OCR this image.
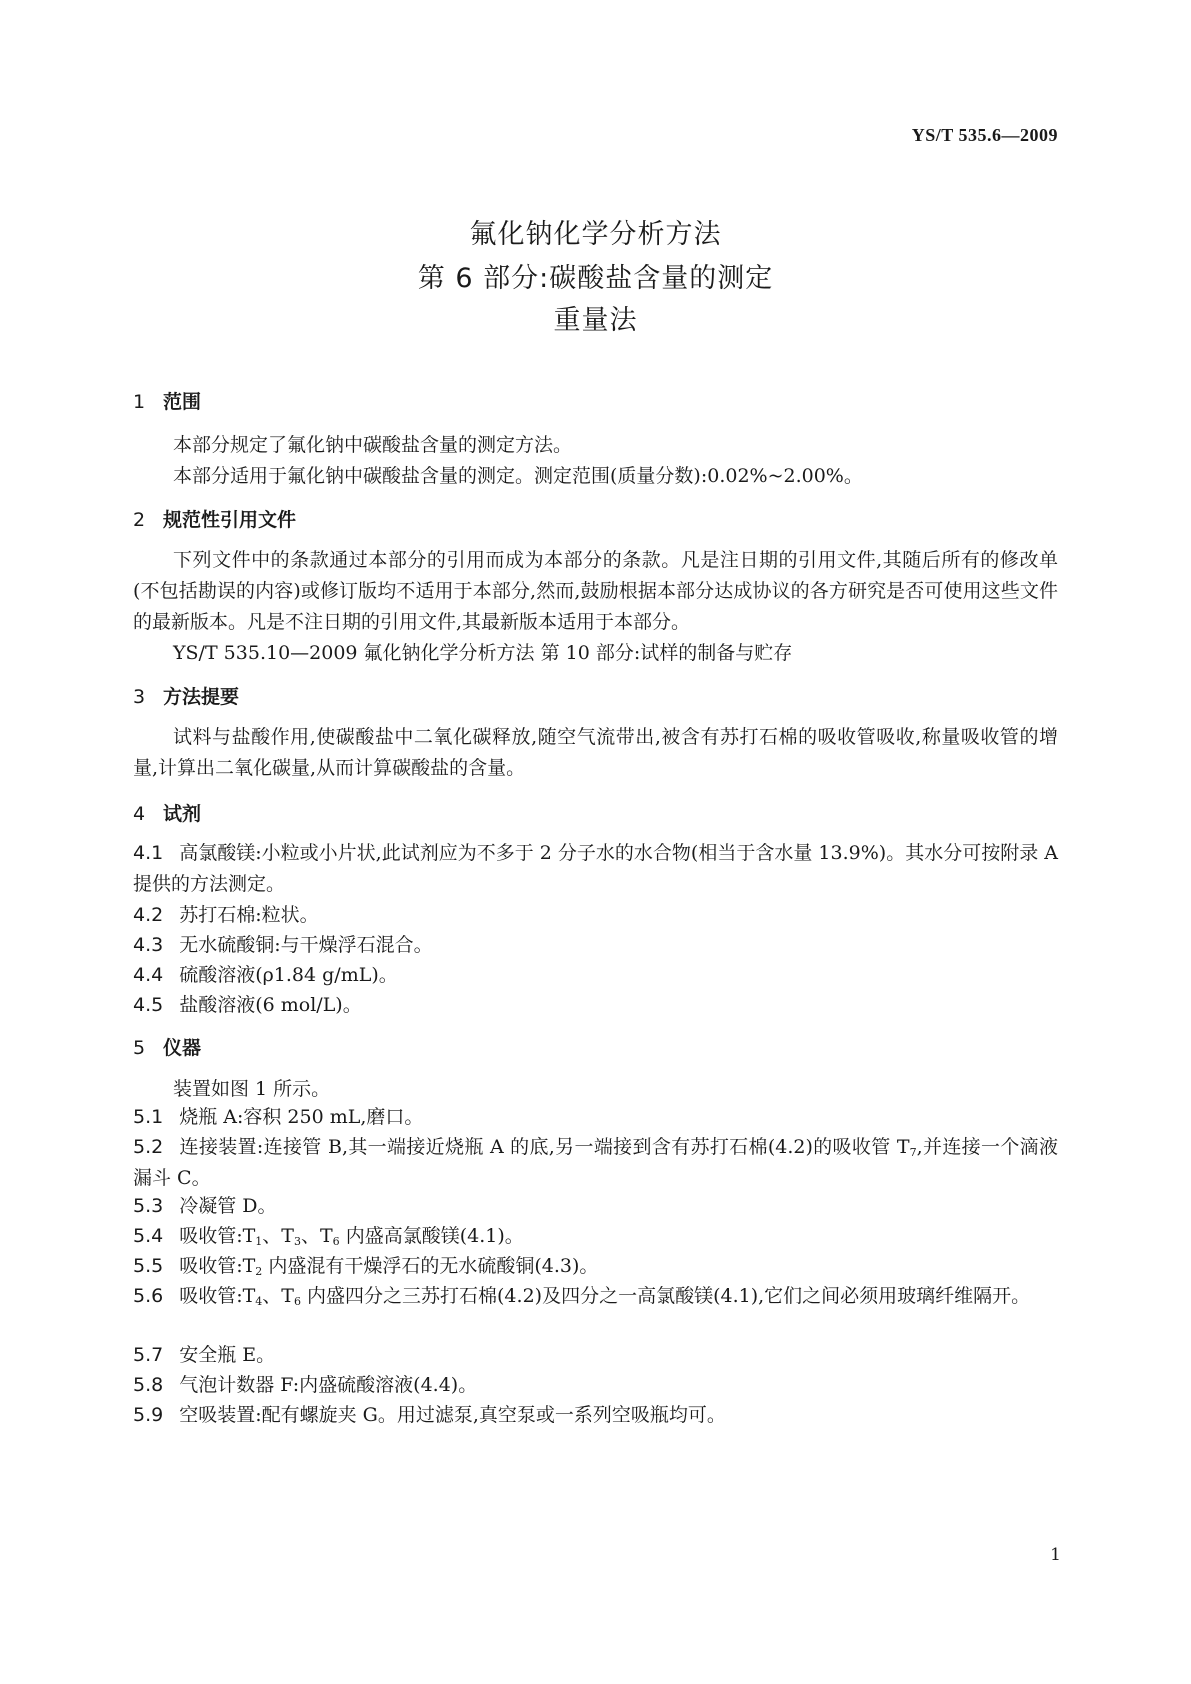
YS/T 535.6—2009
氟化钠化学分析方法
第 6 部分:碳酸盐含量的测定
重量法
1 范围
本部分规定了氟化钠中碳酸盐含量的测定方法。
本部分适用于氟化钠中碳酸盐含量的测定。测定范围(质量分数):0.02%~2.00%。
2 规范性引用文件
下列文件中的条款通过本部分的引用而成为本部分的条款。凡是注日期的引用文件,其随后所有的修改单(不包括勘误的内容)或修订版均不适用于本部分,然而,鼓励根据本部分达成协议的各方研究是否可使用这些文件的最新版本。凡是不注日期的引用文件,其最新版本适用于本部分。
YS/T 535.10—2009 氟化钠化学分析方法 第 10 部分:试样的制备与贮存
3 方法提要
试料与盐酸作用,使碳酸盐中二氧化碳释放,随空气流带出,被含有苏打石棉的吸收管吸收,称量吸收管的增量,计算出二氧化碳量,从而计算碳酸盐的含量。
4 试剂
4.1 高氯酸镁:小粒或小片状,此试剂应为不多于 2 分子水的水合物(相当于含水量 13.9%)。其水分可按附录 A 提供的方法测定。
4.2 苏打石棉:粒状。
4.3 无水硫酸铜:与干燥浮石混合。
4.4 硫酸溶液(ρ1.84 g/mL)。
4.5 盐酸溶液(6 mol/L)。
5 仪器
装置如图 1 所示。
5.1 烧瓶 A:容积 250 mL,磨口。
5.2 连接装置:连接管 B,其一端接近烧瓶 A 的底,另一端接到含有苏打石棉(4.2)的吸收管 $T_7$,并连接一个滴液漏斗 C。
5.3 冷凝管 D。
5.4 吸收管$:T_1$、$T_3$、$T_6$ 内盛高氯酸镁(4.1)。
5.5 吸收管$:T_2$ 内盛混有干燥浮石的无水硫酸铜(4.3)。
5.6 吸收管$:T_4$、$T_6$ 内盛四分之三苏打石棉(4.2)及四分之一高氯酸镁(4.1),它们之间必须用玻璃纤维隔开。
5.7 安全瓶 E。
5.8 气泡计数器 F:内盛硫酸溶液(4.4)。
5.9 空吸装置:配有螺旋夹 G。用过滤泵,真空泵或一系列空吸瓶均可。
1
